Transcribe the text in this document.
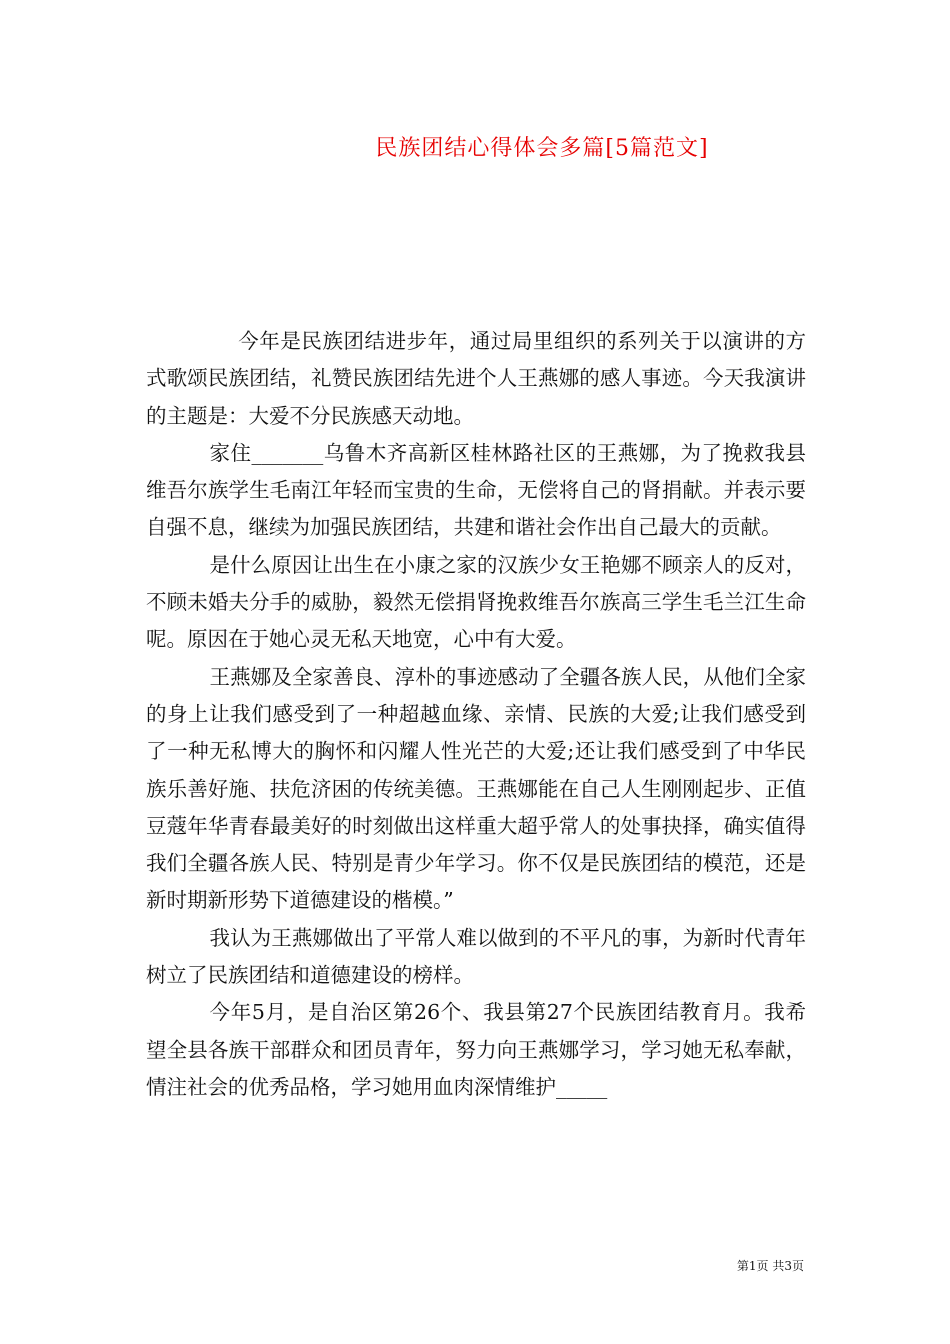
民族团结心得体会多篇[5篇范文]

今年是民族团结进步年，通过局里组织的系列关于以演讲的方式歌颂民族团结，礼赞民族团结先进个人王燕娜的感人事迹。今天我演讲的主题是：大爱不分民族感天动地。

家住_______乌鲁木齐高新区桂林路社区的王燕娜，为了挽救我县维吾尔族学生毛南江年轻而宝贵的生命，无偿将自己的肾捐献。并表示要自强不息，继续为加强民族团结，共建和谐社会作出自己最大的贡献。

是什么原因让出生在小康之家的汉族少女王艳娜不顾亲人的反对，不顾未婚夫分手的威胁，毅然无偿捐肾挽救维吾尔族高三学生毛兰江生命呢。原因在于她心灵无私天地宽，心中有大爱。

王燕娜及全家善良、淳朴的事迹感动了全疆各族人民，从他们全家的身上让我们感受到了一种超越血缘、亲情、民族的大爱;让我们感受到了一种无私博大的胸怀和闪耀人性光芒的大爱;还让我们感受到了中华民族乐善好施、扶危济困的传统美德。王燕娜能在自己人生刚刚起步、正值豆蔻年华青春最美好的时刻做出这样重大超乎常人的处事抉择，确实值得我们全疆各族人民、特别是青少年学习。你不仅是民族团结的模范，还是新时期新形势下道德建设的楷模。”

我认为王燕娜做出了平常人难以做到的不平凡的事，为新时代青年树立了民族团结和道德建设的榜样。

今年5月，是自治区第26个、我县第27个民族团结教育月。我希望全县各族干部群众和团员青年，努力向王燕娜学习，学习她无私奉献，情注社会的优秀品格，学习她用血肉深情维护_____

第1页 共3页
